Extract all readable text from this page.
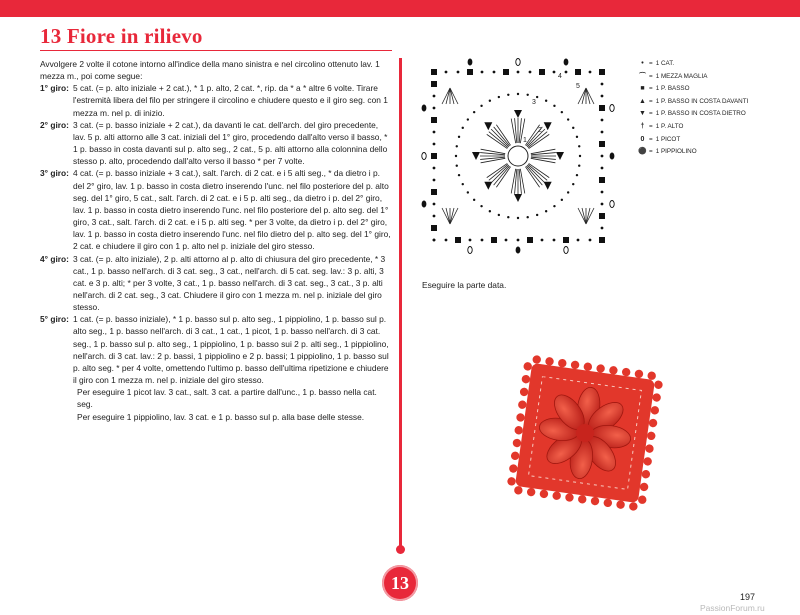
13 Fiore in rilievo

Avvolgere 2 volte il cotone intorno all'indice della mano sinistra e nel circolino ottenuto lav. 1 mezza m., poi come segue:

1° giro: 5 cat. (= p. alto iniziale + 2 cat.), * 1 p. alto, 2 cat. *, rip. da * a * altre 6 volte. Tirare l'estremità libera del filo per stringere il circolino e chiudere questo e il giro seg. con 1 mezza m. nel p. di inizio.
2° giro: 3 cat. (= p. basso iniziale + 2 cat.), da davanti le cat. dell'arch. del giro precedente, lav. 5 p. alti attorno alle 3 cat. iniziali del 1° giro, procedendo dall'alto verso il basso, * 1 p. basso in costa davanti sul p. alto seg., 2 cat., 5 p. alti attorno alla colonnina dello stesso p. alto, procedendo dall'alto verso il basso * per 7 volte.
3° giro: 4 cat. (= p. basso iniziale + 3 cat.), salt. l'arch. di 2 cat. e i 5 alti seg., * da dietro i p. del 2° giro, lav. 1 p. basso in costa dietro inserendo l'unc. nel filo posteriore del p. alto seg. del 1° giro, 5 cat., salt. l'arch. di 2 cat. e i 5 p. alti seg., da dietro i p. del 2° giro, lav. 1 p. basso in costa dietro inserendo l'unc. nel filo posteriore del p. alto seg. del 1° giro, 3 cat., salt. l'arch. di 2 cat. e i 5 p. alti seg. * per 3 volte, da dietro i p. del 2° giro, lav. 1 p. basso in costa dietro inserendo l'unc. nel filo dietro del p. alto seg. del 1° giro, 2 cat. e chiudere il giro con 1 p. alto nel p. iniziale del giro stesso.
4° giro: 3 cat. (= p. alto iniziale), 2 p. alti attorno al p. alto di chiusura del giro precedente, * 3 cat., 1 p. basso nell'arch. di 3 cat. seg., 3 cat., nell'arch. di 5 cat. seg. lav.: 3 p. alti, 3 cat. e 3 p. alti; * per 3 volte, 3 cat., 1 p. basso nell'arch. di 3 cat. seg., 3 cat., 3 p. alti nell'arch. di 2 cat. seg., 3 cat. Chiudere il giro con 1 mezza m. nel p. iniziale del giro stesso.
5° giro: 1 cat. (= p. basso iniziale), * 1 p. basso sul p. alto seg., 1 pippiolino, 1 p. basso sul p. alto seg., 1 p. basso nell'arch. di 3 cat., 1 cat., 1 picot, 1 p. basso nell'arch. di 3 cat. seg., 1 p. basso sul p. alto seg., 1 pippiolino, 1 p. basso sui 2 p. alti seg., 1 pippiolino, nell'arch. di 3 cat. lav.: 2 p. bassi, 1 pippiolino e 2 p. bassi; 1 pippiolino, 1 p. basso sul p. alto seg. * per 4 volte, omettendo l'ultimo p. basso dell'ultima ripetizione e chiudere il giro con 1 mezza m. nel p. iniziale del giro stesso.

Per eseguire 1 picot lav. 3 cat., salt. 3 cat. a partire dall'unc., 1 p. basso nella cat. seg.

Per eseguire 1 pippiolino, lav. 3 cat. e 1 p. basso sul p. alla base delle stesse.

1
2
3
4
5
• = 1 CAT.
⌒ = 1 MEZZA MAGLIA
■ = 1 P. BASSO
▲ = 1 P. BASSO IN COSTA DAVANTI
▼ = 1 P. BASSO IN COSTA DIETRO
† = 1 P. ALTO
0 = 1 PICOT
⚫ = 1 PIPPIOLINO
Eseguire la parte data.
13
197
PassionForum.ru
